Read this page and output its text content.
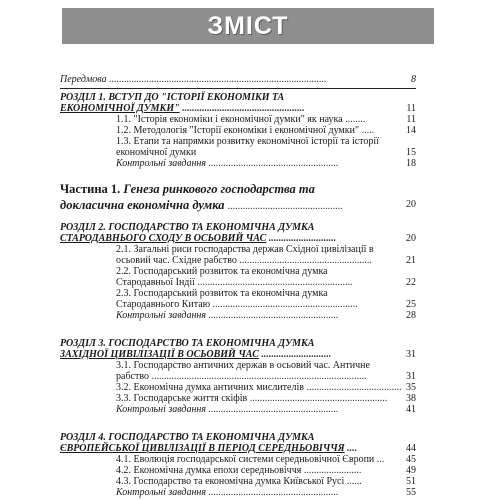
ЗМІСТ
Передмова .......................................................................................	8
РОЗДІЛ 1. ВСТУП ДО "ІСТОРІЇ ЕКОНОМІКИ ТА
ЕКОНОМІЧНОЇ ДУМКИ" .................................................	11
1.1. "Історія економіки і економічної думки" як наука ........	11
1.2. Методологія "Історії економіки і економічної думки" .....	14
1.3. Етапи та напрямки розвитку економічної історії та історії
економічної думки	15
Контрольні завдання ....................................................	18
Частина 1. Генеза ринкового господарства та
докласична економічна думка ..............................................	20
РОЗДІЛ 2. ГОСПОДАРСТВО ТА ЕКОНОМІЧНА ДУМКА
СТАРОДАВНЬОГО СХОДУ В ОСЬОВИЙ ЧАС ...........................	20
2.1. Загальні риси господарства держав Східної цивілізації в
осьовий час. Східне рабство .....................................................	21
2.2. Господарський розвиток та економічна думка
Стародавньої Індії ..............................................................	22
2.3. Господарський розвиток та економічна думка
Стародавнього Китаю ..........................................................	25
Контрольні завдання ....................................................	28
РОЗДІЛ 3. ГОСПОДАРСТВО ТА ЕКОНОМІЧНА ДУМКА
ЗАХІДНОЇ ЦИВІЛІЗАЦІЇ В ОСЬОВИЙ ЧАС ............................	31
3.1. Господарство античних держав в осьовий час. Античне
рабство ......................................................................................	31
3.2. Економічна думка античних мислителів ...................................... 35
3.3. Господарське життя скіфів ....................................................... 38
Контрольні завдання ....................................................	41
РОЗДІЛ 4. ГОСПОДАРСТВО ТА ЕКОНОМІЧНА ДУМКА
ЄВРОПЕЙСЬКОЇ ЦИВІЛІЗАЦІЇ В ПЕРІОД СЕРЕДНЬОВІЧЧЯ ....	44
4.1. Еволюція господарської системи середньовічної Європи ... 45
4.2. Економічна думка епохи середньовіччя .......................	49
4.3. Господарство та економічна думка Київської Русі ......	51
Контрольні завдання ....................................................	55
